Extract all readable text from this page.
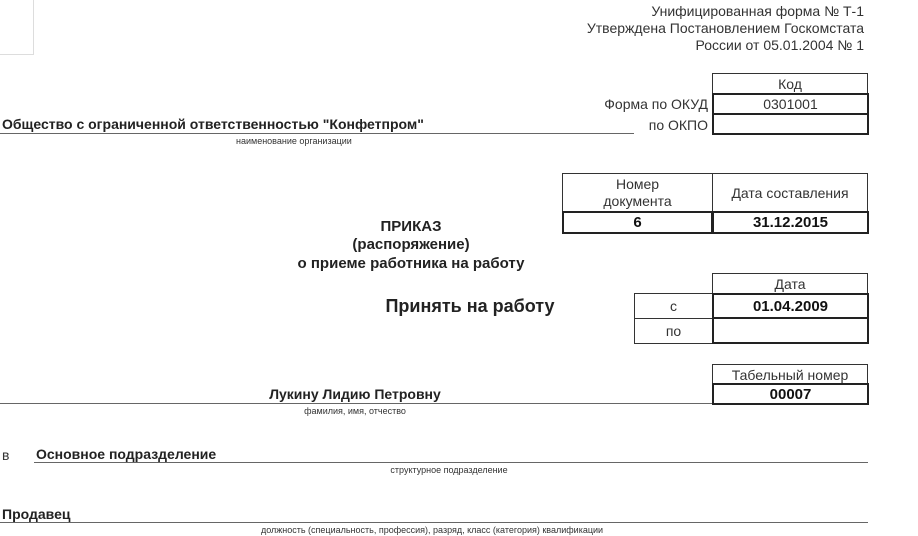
Унифицированная форма № Т-1
Утверждена Постановлением Госкомстата
России от 05.01.2004 № 1
Код
Форма по ОКУД	0301001
по ОКПО
Общество с ограниченной ответственностью "Конфетпром"
наименование организации
Номер документа	Дата составления
6	31.12.2015
ПРИКАЗ
(распоряжение)
о приеме работника на работу
Принять на работу
Дата
с	01.04.2009
по
Табельный номер
00007
Лукину Лидию Петровну
фамилия, имя, отчество
в Основное подразделение
структурное подразделение
Продавец
должность (специальность, профессия), разряд, класс (категория) квалификации
